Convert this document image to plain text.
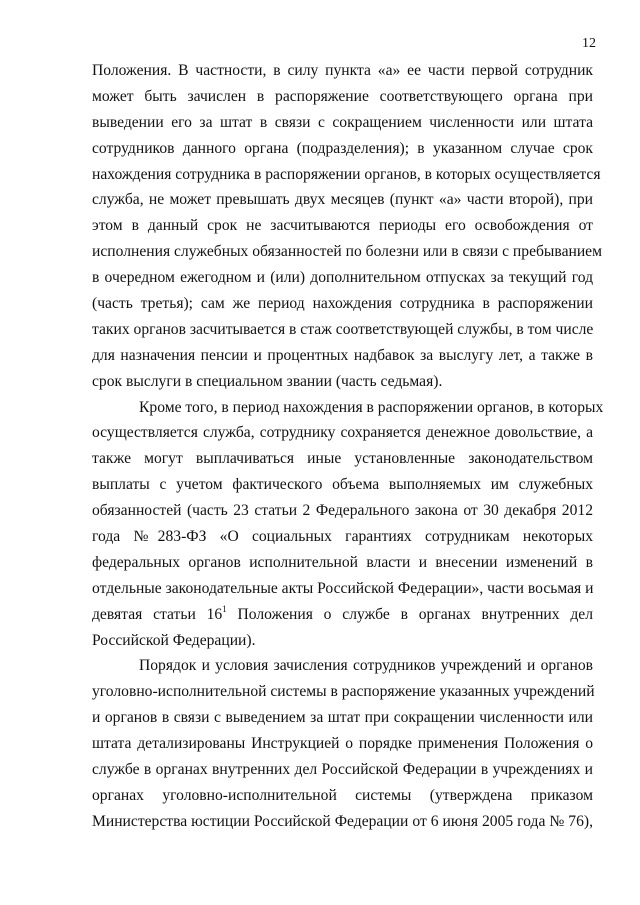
12
Положения. В частности, в силу пункта «а» ее части первой сотрудник
может быть зачислен в распоряжение соответствующего органа при
выведении его за штат в связи с сокращением численности или штата
сотрудников данного органа (подразделения); в указанном случае срок
нахождения сотрудника в распоряжении органов, в которых осуществляется
служба, не может превышать двух месяцев (пункт «а» части второй), при
этом в данный срок не засчитываются периоды его освобождения от
исполнения служебных обязанностей по болезни или в связи с пребыванием
в очередном ежегодном и (или) дополнительном отпусках за текущий год
(часть третья); сам же период нахождения сотрудника в распоряжении
таких органов засчитывается в стаж соответствующей службы, в том числе
для назначения пенсии и процентных надбавок за выслугу лет, а также в
срок выслуги в специальном звании (часть седьмая).
Кроме того, в период нахождения в распоряжении органов, в которых
осуществляется служба, сотруднику сохраняется денежное довольствие, а
также могут выплачиваться иные установленные законодательством
выплаты с учетом фактического объема выполняемых им служебных
обязанностей (часть 23 статьи 2 Федерального закона от 30 декабря 2012
года №283-ФЗ «О социальных гарантиях сотрудникам некоторых
федеральных органов исполнительной власти и внесении изменений в
отдельные законодательные акты Российской Федерации», части восьмая и
девятая статьи $16^1$ Положения о службе в органах внутренних дел
Российской Федерации).
Порядок и условия зачисления сотрудников учреждений и органов
уголовно-исполнительной системы в распоряжение указанных учреждений
и органов в связи с выведением за штат при сокращении численности или
штата детализированы Инструкцией о порядке применения Положения о
службе в органах внутренних дел Российской Федерации в учреждениях и
органах уголовно-исполнительной системы (утверждена приказом
Министерства юстиции Российской Федерации от 6 июня 2005 года № 76),
